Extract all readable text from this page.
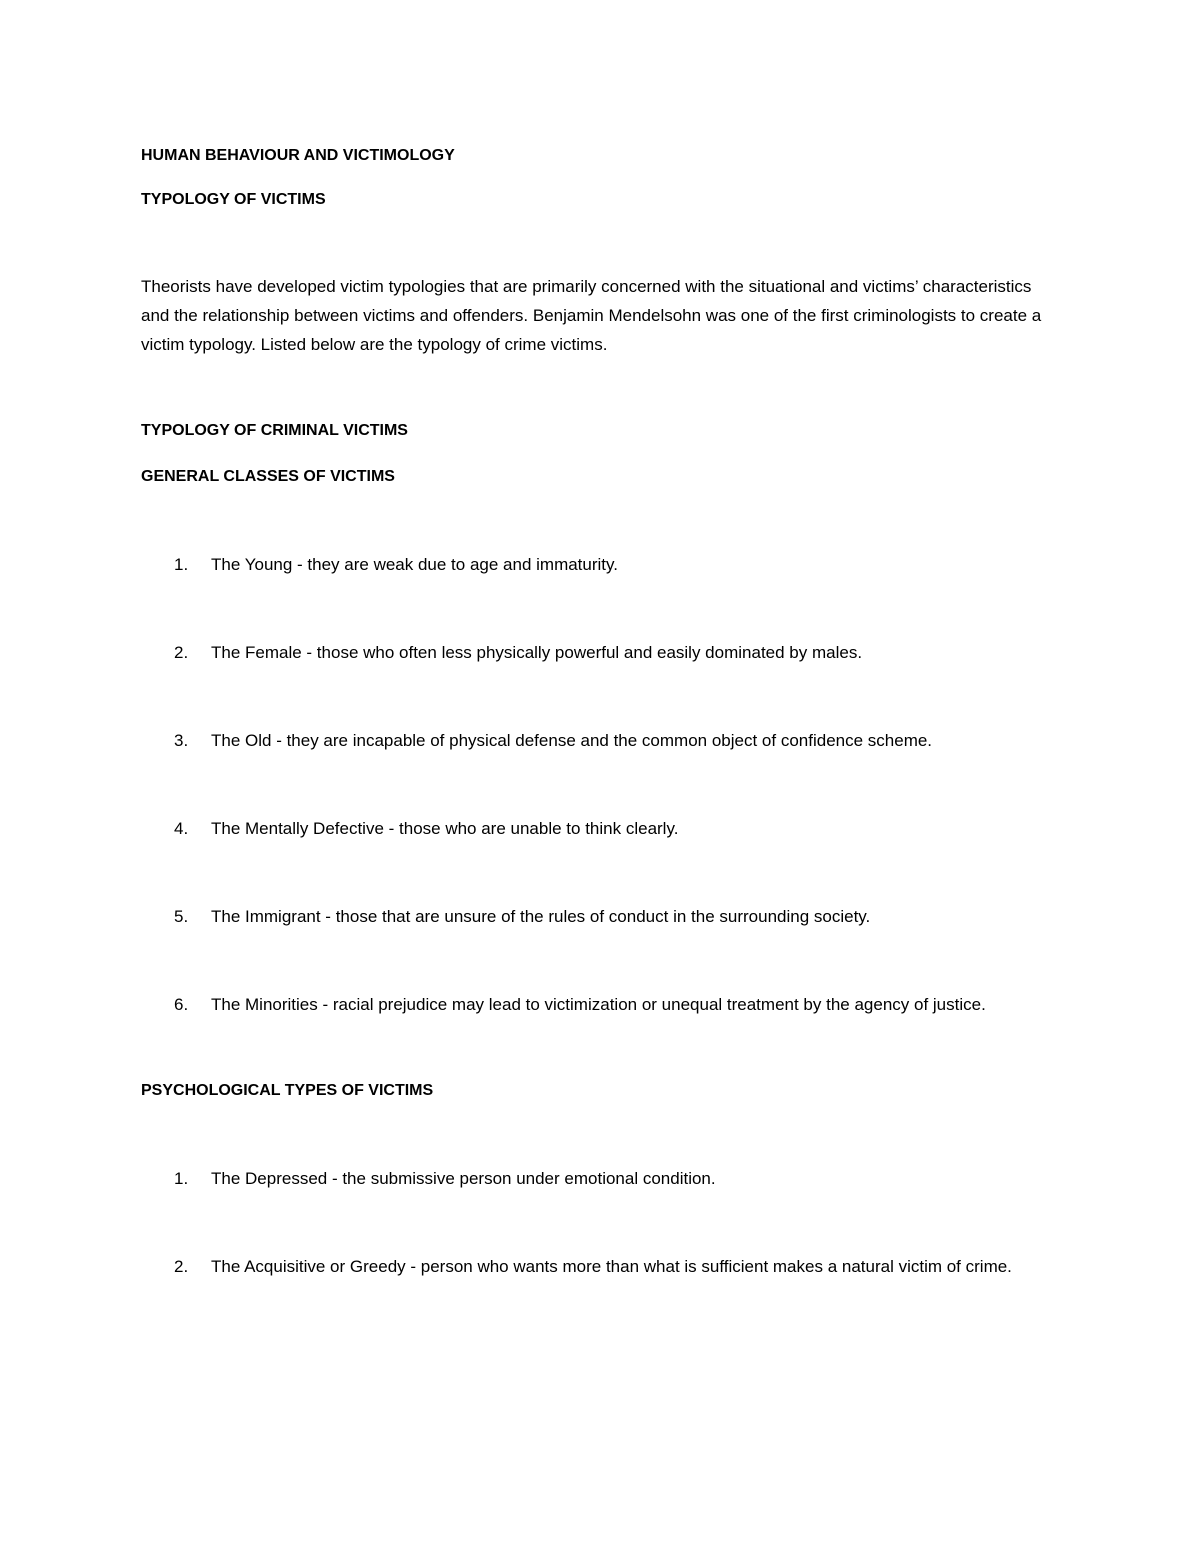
HUMAN BEHAVIOUR AND VICTIMOLOGY

TYPOLOGY OF VICTIMS

Theorists have developed victim typologies that are primarily concerned with the situational and victims’ characteristics and the relationship between victims and offenders. Benjamin Mendelsohn was one of the first criminologists to create a victim typology. Listed below are the typology of crime victims.

TYPOLOGY OF CRIMINAL VICTIMS

GENERAL CLASSES OF VICTIMS

1. The Young - they are weak due to age and immaturity.
2. The Female - those who often less physically powerful and easily dominated by males.
3. The Old - they are incapable of physical defense and the common object of confidence scheme.
4. The Mentally Defective - those who are unable to think clearly.
5. The Immigrant - those that are unsure of the rules of conduct in the surrounding society.
6. The Minorities - racial prejudice may lead to victimization or unequal treatment by the agency of justice.

PSYCHOLOGICAL TYPES OF VICTIMS

1. The Depressed - the submissive person under emotional condition.
2. The Acquisitive or Greedy - person who wants more than what is sufficient makes a natural victim of crime.
